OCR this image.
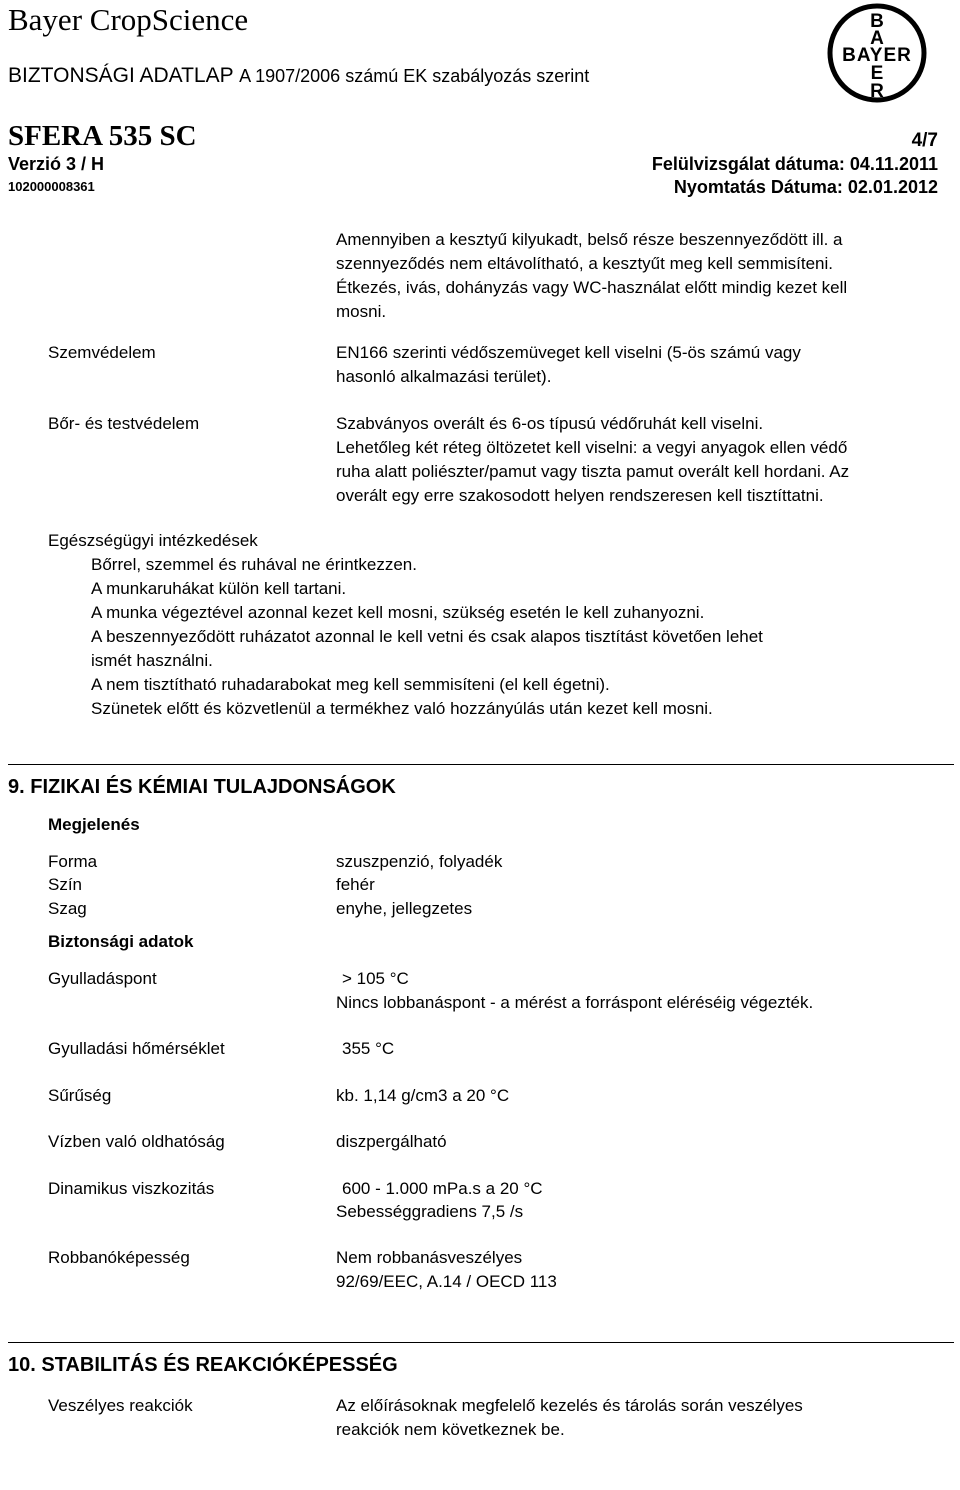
Bayer CropScience
BIZTONSÁGI ADATLAP A 1907/2006 számú EK szabályozás szerint
B
A
BAYER
E
R
SFERA 535 SC	4/7
Verzió 3 / H	Felülvizsgálat dátuma: 04.11.2011
102000008361	Nyomtatás Dátuma: 02.01.2012
Amennyiben a kesztyű kilyukadt, belső része beszennyeződött ill. a
szennyeződés nem eltávolítható, a kesztyűt meg kell semmisíteni.
Étkezés, ivás, dohányzás vagy WC-használat előtt mindig kezet kell
mosni.
Szemvédelem	EN166 szerinti védőszemüveget kell viselni (5-ös számú vagy
hasonló alkalmazási terület).
Bőr- és testvédelem	Szabványos overált és 6-os típusú védőruhát kell viselni.
Lehetőleg két réteg öltözetet kell viselni: a vegyi anyagok ellen védő
ruha alatt poliészter/pamut vagy tiszta pamut overált kell hordani. Az
overált egy erre szakosodott helyen rendszeresen kell tisztíttatni.
Egészségügyi intézkedések
Bőrrel, szemmel és ruhával ne érintkezzen.
A munkaruhákat külön kell tartani.
A munka végeztével azonnal kezet kell mosni, szükség esetén le kell zuhanyozni.
A beszennyeződött ruházatot azonnal le kell vetni és csak alapos tisztítást követően lehet
ismét használni.
A nem tisztítható ruhadarabokat meg kell semmisíteni (el kell égetni).
Szünetek előtt és közvetlenül a termékhez való hozzányúlás után kezet kell mosni.
9. FIZIKAI ÉS KÉMIAI TULAJDONSÁGOK
Megjelenés
Forma	szuszpenzió, folyadék
Szín	fehér
Szag	enyhe, jellegzetes
Biztonsági adatok
Gyulladáspont	> 105 °C
Nincs lobbanáspont - a mérést a forráspont eléréséig végezték.
Gyulladási hőmérséklet	355 °C
Sűrűség	kb. 1,14 g/cm3 a 20 °C
Vízben való oldhatóság	diszpergálható
Dinamikus viszkozitás	600 - 1.000 mPa.s a 20 °C
Sebességgradiens 7,5 /s
Robbanóképesség	Nem robbanásveszélyes
92/69/EEC, A.14 / OECD 113
10. STABILITÁS ÉS REAKCIÓKÉPESSÉG
Veszélyes reakciók	Az előírásoknak megfelelő kezelés és tárolás során veszélyes
reakciók nem következnek be.
